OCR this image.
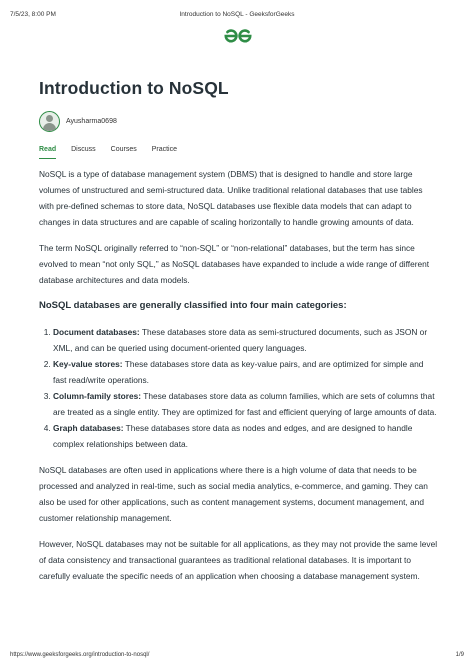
7/5/23, 8:00 PM	Introduction to NoSQL - GeeksforGeeks
Introduction to NoSQL
Ayusharma0698
Read Discuss Courses Practice

NoSQL is a type of database management system (DBMS) that is designed to handle and store large volumes of unstructured and semi-structured data. Unlike traditional relational databases that use tables with pre-defined schemas to store data, NoSQL databases use flexible data models that can adapt to changes in data structures and are capable of scaling horizontally to handle growing amounts of data.

The term NoSQL originally referred to “non-SQL” or “non-relational” databases, but the term has since evolved to mean “not only SQL,” as NoSQL databases have expanded to include a wide range of different database architectures and data models.

NoSQL databases are generally classified into four main categories:
1. Document databases: These databases store data as semi-structured documents, such as JSON or XML, and can be queried using document-oriented query languages.
2. Key-value stores: These databases store data as key-value pairs, and are optimized for simple and fast read/write operations.
3. Column-family stores: These databases store data as column families, which are sets of columns that are treated as a single entity. They are optimized for fast and efficient querying of large amounts of data.
4. Graph databases: These databases store data as nodes and edges, and are designed to handle complex relationships between data.

NoSQL databases are often used in applications where there is a high volume of data that needs to be processed and analyzed in real-time, such as social media analytics, e-commerce, and gaming. They can also be used for other applications, such as content management systems, document management, and customer relationship management.

However, NoSQL databases may not be suitable for all applications, as they may not provide the same level of data consistency and transactional guarantees as traditional relational databases. It is important to carefully evaluate the specific needs of an application when choosing a database management system.

https://www.geeksforgeeks.org/introduction-to-nosql/	1/9
